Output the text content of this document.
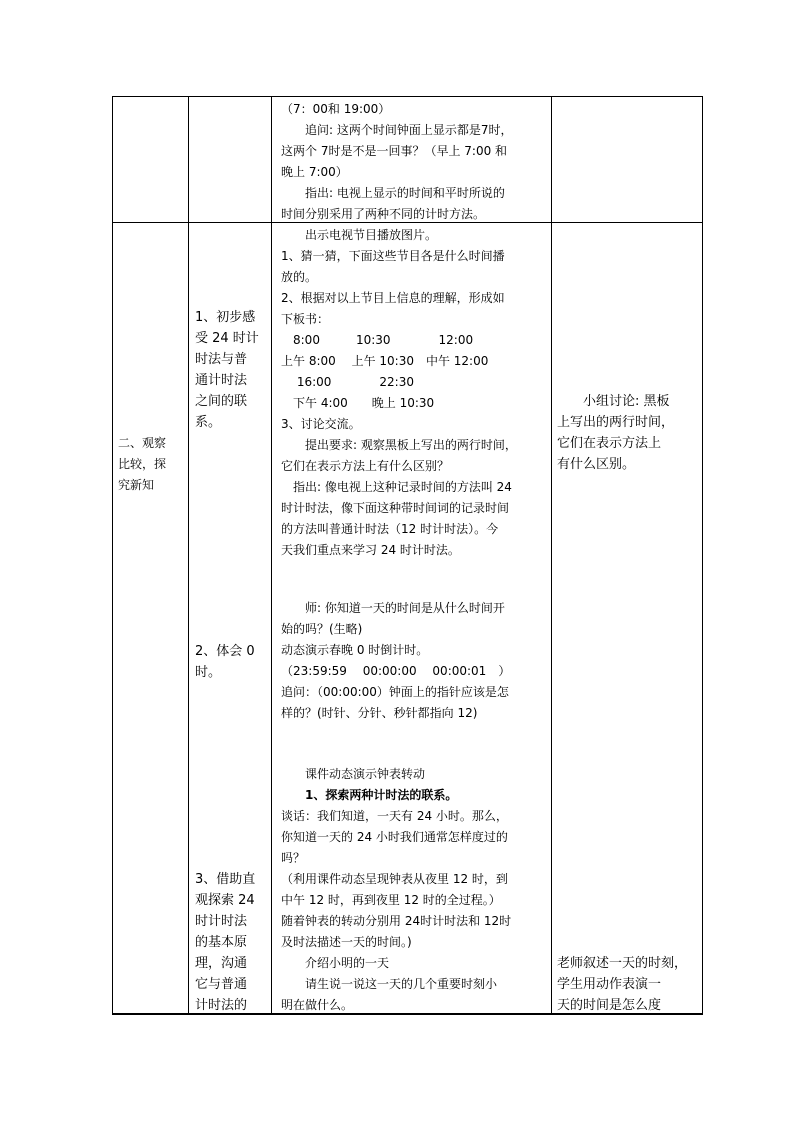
（7：00和 19:00）
　　追问: 这两个时间钟面上显示都是7时，
这两个 7时是不是一回事？（早上 7:00 和
晚上 7:00）
　　指出: 电视上显示的时间和平时所说的
时间分别采用了两种不同的计时方法。
二、观察
比较，探
究新知
1、初步感
受 24 时计
时法与普
通计时法
之间的联
系。
2、体会 0
时。
3、借助直
观探索 24
时计时法
的基本原
理，沟通
它与普通
计时法的
　　出示电视节目播放图片。
1、猜一猜，下面这些节目各是什么时间播
放的。
2、根据对以上节目上信息的理解，形成如
下板书：
　8:00　　　10:30　　　　12:00
上午 8:00　 上午 10:30　中午 12:00
　 16:00　　　　22:30
　下午 4:00　　晚上 10:30
3、讨论交流。
　　提出要求: 观察黑板上写出的两行时间，
它们在表示方法上有什么区别？
　指出: 像电视上这种记录时间的方法叫 24
时计时法，像下面这种带时间词的记录时间
的方法叫普通计时法（12 时计时法）。今
天我们重点来学习 24 时计时法。
　　师: 你知道一天的时间是从什么时间开
始的吗？(生略)
动态演示春晚 0 时倒计时。
（23:59:59　 00:00:00　 00:00:01　）
追问：（00:00:00）钟面上的指针应该是怎
样的？(时针、分针、秒针都指向 12)
　　课件动态演示钟表转动
　　1、探索两种计时法的联系。
谈话：我们知道，一天有 24 小时。那么，
你知道一天的 24 小时我们通常怎样度过的
吗？
（利用课件动态呈现钟表从夜里 12 时，到
中午 12 时，再到夜里 12 时的全过程。）
随着钟表的转动分别用 24时计时法和 12时
及时法描述一天的时间。)
　　介绍小明的一天
　　请生说一说这一天的几个重要时刻小
明在做什么。
　　小组讨论: 黑板
上写出的两行时间，
它们在表示方法上
有什么区别。
老师叙述一天的时刻，
学生用动作表演一
天的时间是怎么度
